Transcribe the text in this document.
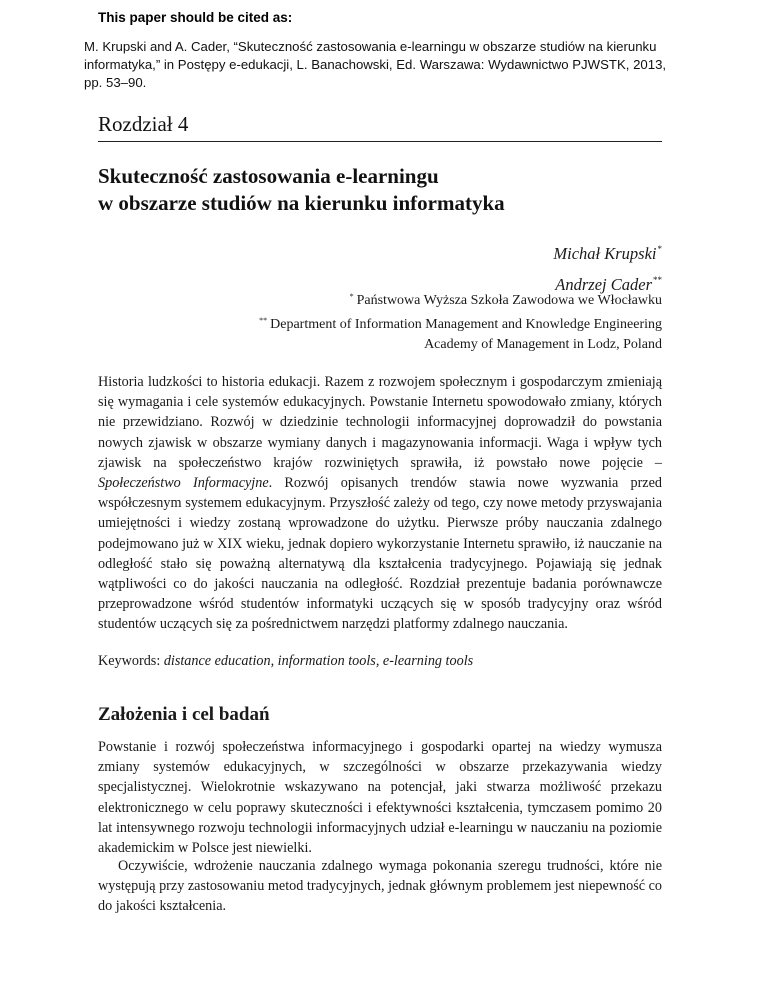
This paper should be cited as:
M. Krupski and A. Cader, “Skuteczność zastosowania e-learningu w obszarze studiów na kierunku informatyka,” in Postępy e-edukacji, L. Banachowski, Ed. Warszawa: Wydawnictwo PJWSTK, 2013, pp. 53–90.
Rozdział 4
Skuteczność zastosowania e-learningu
w obszarze studiów na kierunku informatyka
Michał Krupski*
Andrzej Cader**
* Państwowa Wyższa Szkoła Zawodowa we Włocławku
** Department of Information Management and Knowledge Engineering
Academy of Management in Lodz, Poland
Historia ludzkości to historia edukacji. Razem z rozwojem społecznym i gospodarczym zmieniają się wymagania i cele systemów edukacyjnych. Powstanie Internetu spowodowało zmiany, których nie przewidziano. Rozwój w dziedzinie technologii informacyjnej doprowadził do powstania nowych zjawisk w obszarze wymiany danych i magazynowania informacji. Waga i wpływ tych zjawisk na społeczeństwo krajów rozwiniętych sprawiła, iż powstało nowe pojęcie – Społeczeństwo Informacyjne. Rozwój opisanych trendów stawia nowe wyzwania przed współczesnym systemem edukacyjnym. Przyszłość zależy od tego, czy nowe metody przyswajania umiejętności i wiedzy zostaną wprowadzone do użytku. Pierwsze próby nauczania zdalnego podejmowano już w XIX wieku, jednak dopiero wykorzystanie Internetu sprawiło, iż nauczanie na odległość stało się poważną alternatywą dla kształcenia tradycyjnego. Pojawiają się jednak wątpliwości co do jakości nauczania na odległość. Rozdział prezentuje badania porównawcze przeprowadzone wśród studentów informatyki uczących się w sposób tradycyjny oraz wśród studentów uczących się za pośrednictwem narzędzi platformy zdalnego nauczania.
Keywords: distance education, information tools, e-learning tools
Założenia i cel badań
Powstanie i rozwój społeczeństwa informacyjnego i gospodarki opartej na wiedzy wymusza zmiany systemów edukacyjnych, w szczególności w obszarze przekazywania wiedzy specjalistycznej. Wielokrotnie wskazywano na potencjał, jaki stwarza możliwość przekazu elektronicznego w celu poprawy skuteczności i efektywności kształcenia, tymczasem pomimo 20 lat intensywnego rozwoju technologii informacyjnych udział e-learningu w nauczaniu na poziomie akademickim w Polsce jest niewielki.
Oczywiście, wdrożenie nauczania zdalnego wymaga pokonania szeregu trudności, które nie występują przy zastosowaniu metod tradycyjnych, jednak głównym problemem jest niepewność co do jakości kształcenia.
